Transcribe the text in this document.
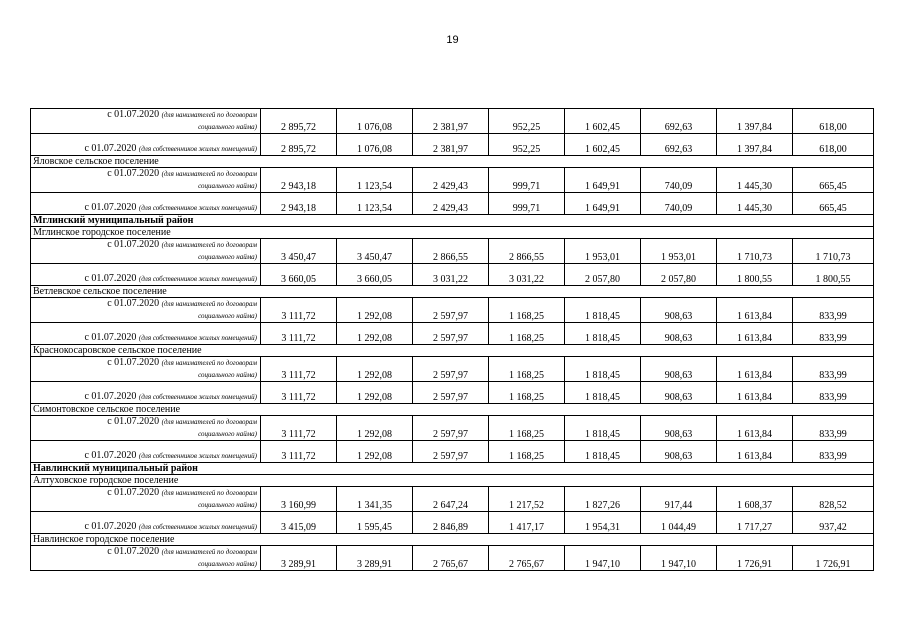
19
с 01.07.2020 (для нанимателей по договорам
социального найма)	2 895,72	1 076,08	2 381,97	952,25	1 602,45	692,63	1 397,84	618,00
с 01.07.2020 (для собственников жилых помещений)	2 895,72	1 076,08	2 381,97	952,25	1 602,45	692,63	1 397,84	618,00
Яловское сельское поселение								

с 01.07.2020 (для нанимателей по договорам
социального найма)	2 943,18	1 123,54	2 429,43	999,71	1 649,91	740,09	1 445,30	665,45
с 01.07.2020 (для собственников жилых помещений)	2 943,18	1 123,54	2 429,43	999,71	1 649,91	740,09	1 445,30	665,45
Мглинский муниципальный район								
Мглинское городское поселение								

с 01.07.2020 (для нанимателей по договорам
социального найма)	3 450,47	3 450,47	2 866,55	2 866,55	1 953,01	1 953,01	1 710,73	1 710,73
с 01.07.2020 (для собственников жилых помещений)	3 660,05	3 660,05	3 031,22	3 031,22	2 057,80	2 057,80	1 800,55	1 800,55
Ветлевское сельское поселение								

с 01.07.2020 (для нанимателей по договорам
социального найма)	3 111,72	1 292,08	2 597,97	1 168,25	1 818,45	908,63	1 613,84	833,99
с 01.07.2020 (для собственников жилых помещений)	3 111,72	1 292,08	2 597,97	1 168,25	1 818,45	908,63	1 613,84	833,99
Краснокосаровское сельское поселение								

с 01.07.2020 (для нанимателей по договорам
социального найма)	3 111,72	1 292,08	2 597,97	1 168,25	1 818,45	908,63	1 613,84	833,99
с 01.07.2020 (для собственников жилых помещений)	3 111,72	1 292,08	2 597,97	1 168,25	1 818,45	908,63	1 613,84	833,99
Симонтовское сельское поселение								

с 01.07.2020 (для нанимателей по договорам
социального найма)	3 111,72	1 292,08	2 597,97	1 168,25	1 818,45	908,63	1 613,84	833,99
с 01.07.2020 (для собственников жилых помещений)	3 111,72	1 292,08	2 597,97	1 168,25	1 818,45	908,63	1 613,84	833,99
Навлинский муниципальный район								
Алтуховское городское поселение								

с 01.07.2020 (для нанимателей по договорам
социального найма)	3 160,99	1 341,35	2 647,24	1 217,52	1 827,26	917,44	1 608,37	828,52
с 01.07.2020 (для собственников жилых помещений)	3 415,09	1 595,45	2 846,89	1 417,17	1 954,31	1 044,49	1 717,27	937,42
Навлинское городское поселение								

с 01.07.2020 (для нанимателей по договорам
социального найма)	3 289,91	3 289,91	2 765,67	2 765,67	1 947,10	1 947,10	1 726,91	1 726,91
